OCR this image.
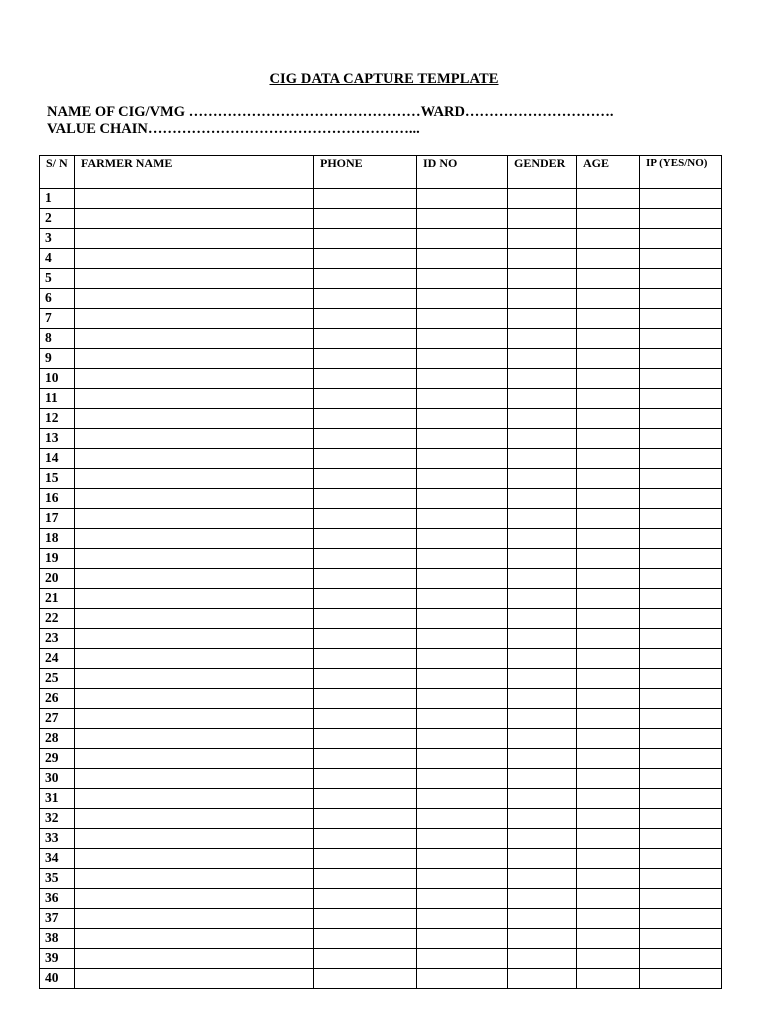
CIG DATA CAPTURE TEMPLATE
NAME OF CIG/VMG …………………………………………WARD………………………….
VALUE CHAIN………………………………………………...
S/ N	FARMER NAME	PHONE	ID NO	GENDER	AGE	IP (YES/NO)
1						
2						
3						
4						
5						
6						
7						
8						
9						
10						
11						
12						
13						
14						
15						
16						
17						
18						
19						
20						
21						
22						
23						
24						
25						
26						
27						
28						
29						
30						
31						
32						
33						
34						
35						
36						
37						
38						
39						
40						
